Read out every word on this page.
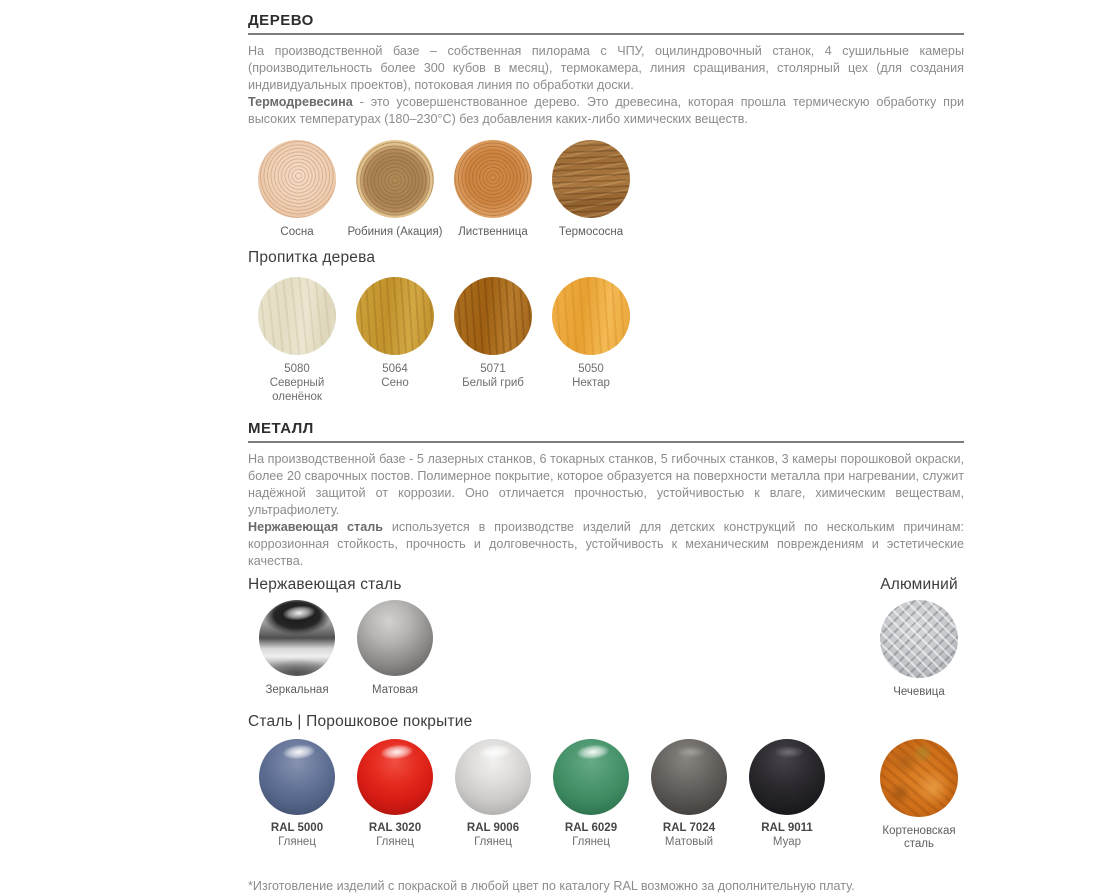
ДЕРЕВО

На производственной базе – собственная пилорама с ЧПУ, оцилиндровочный станок, 4 сушильные камеры (производительность более 300 кубов в месяц), термокамера, линия сращивания, столярный цех (для создания индивидуальных проектов), потоковая линия по обработки доски.
Термодревесина - это усовершенствованное дерево. Это древесина, которая прошла термическую обработку при высоких температурах (180–230°С) без добавления каких-либо химических веществ.

Сосна	Робиния (Акация) Лиственница	Термососна
Пропитка дерева
5080
Северный оленёнок
5064
Сено
5071
Белый гриб
5050
Нектар
МЕТАЛЛ

На производственной базе - 5 лазерных станков, 6 токарных станков, 5 гибочных станков, 3 камеры порошковой окраски, более 20 сварочных постов. Полимерное покрытие, которое образуется на поверхности металла при нагревании, служит надёжной защитой от коррозии. Оно отличается прочностью, устойчивостью к влаге, химическим веществам, ультрафиолету.
Нержавеющая сталь используется в производстве изделий для детских конструкций по нескольким причинам: коррозионная стойкость, прочность и долговечность, устойчивость к механическим повреждениям и эстетические качества.

Нержавеющая сталь
Зеркальная	Матовая
Алюминий
Чечевица
Сталь | Порошковое покрытие
RAL 5000
Глянец
RAL 3020
Глянец
RAL 9006
Глянец
RAL 6029
Глянец
RAL 7024
Матовый
RAL 9011
Муар
Кортеновская сталь

*Изготовление изделий с покраской в любой цвет по каталогу RAL возможно за дополнительную плату.
